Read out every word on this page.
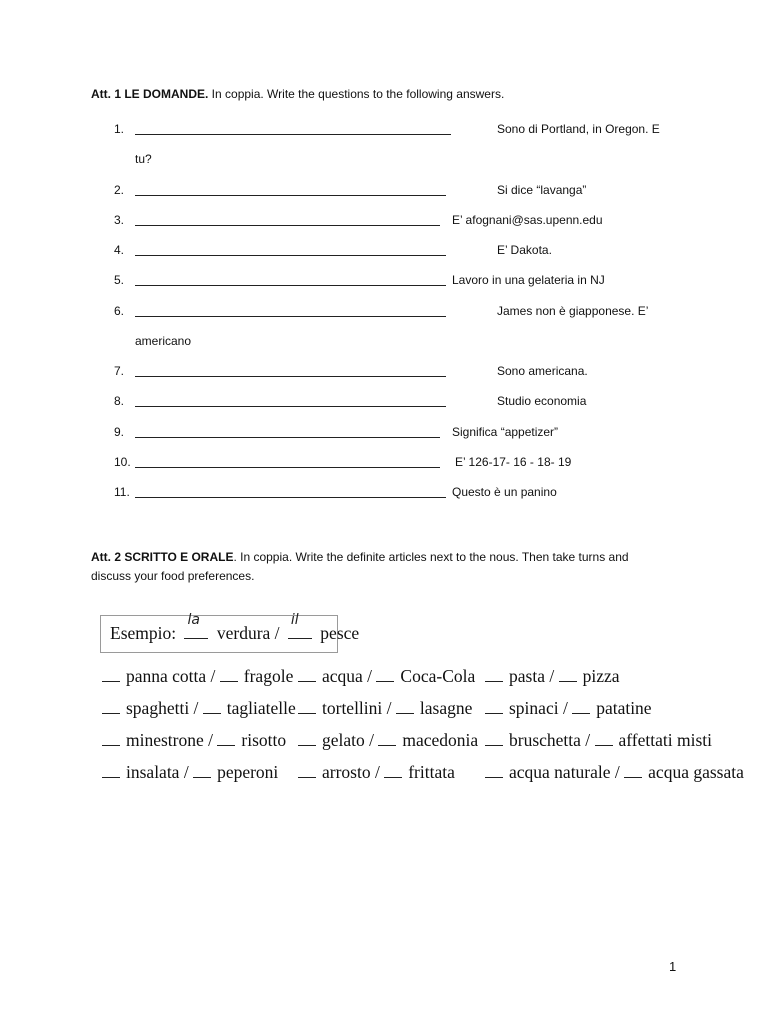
Att. 1 LE DOMANDE. In coppia. Write the questions to the following answers.
1.	Sono di Portland, in Oregon. E
tu?
2.	Si dice “lavanga”
3.	E’ afognani@sas.upenn.edu
4.	E’ Dakota.
5.	Lavoro in una gelateria in NJ
6.	James non è giapponese. E’
americano
7.	Sono americana.
8.	Studio economia
9.	Significa “appetizer”
10.	E’ 126-17- 16 - 18- 19
11.	Questo è un panino
Att. 2 SCRITTO E ORALE. In coppia. Write the definite articles next to the nous. Then take turns and
discuss your food preferences.
Esempio:
la
verdura /
il
pesce
panna cotta / fragole	acqua / Coca-Cola	pasta / pizza
spaghetti / tagliatelle	tortellini / lasagne	spinaci / patatine
minestrone / risotto	gelato / macedonia	bruschetta / affettati misti
insalata / peperoni	arrosto / frittata	acqua naturale / acqua gassata
1
